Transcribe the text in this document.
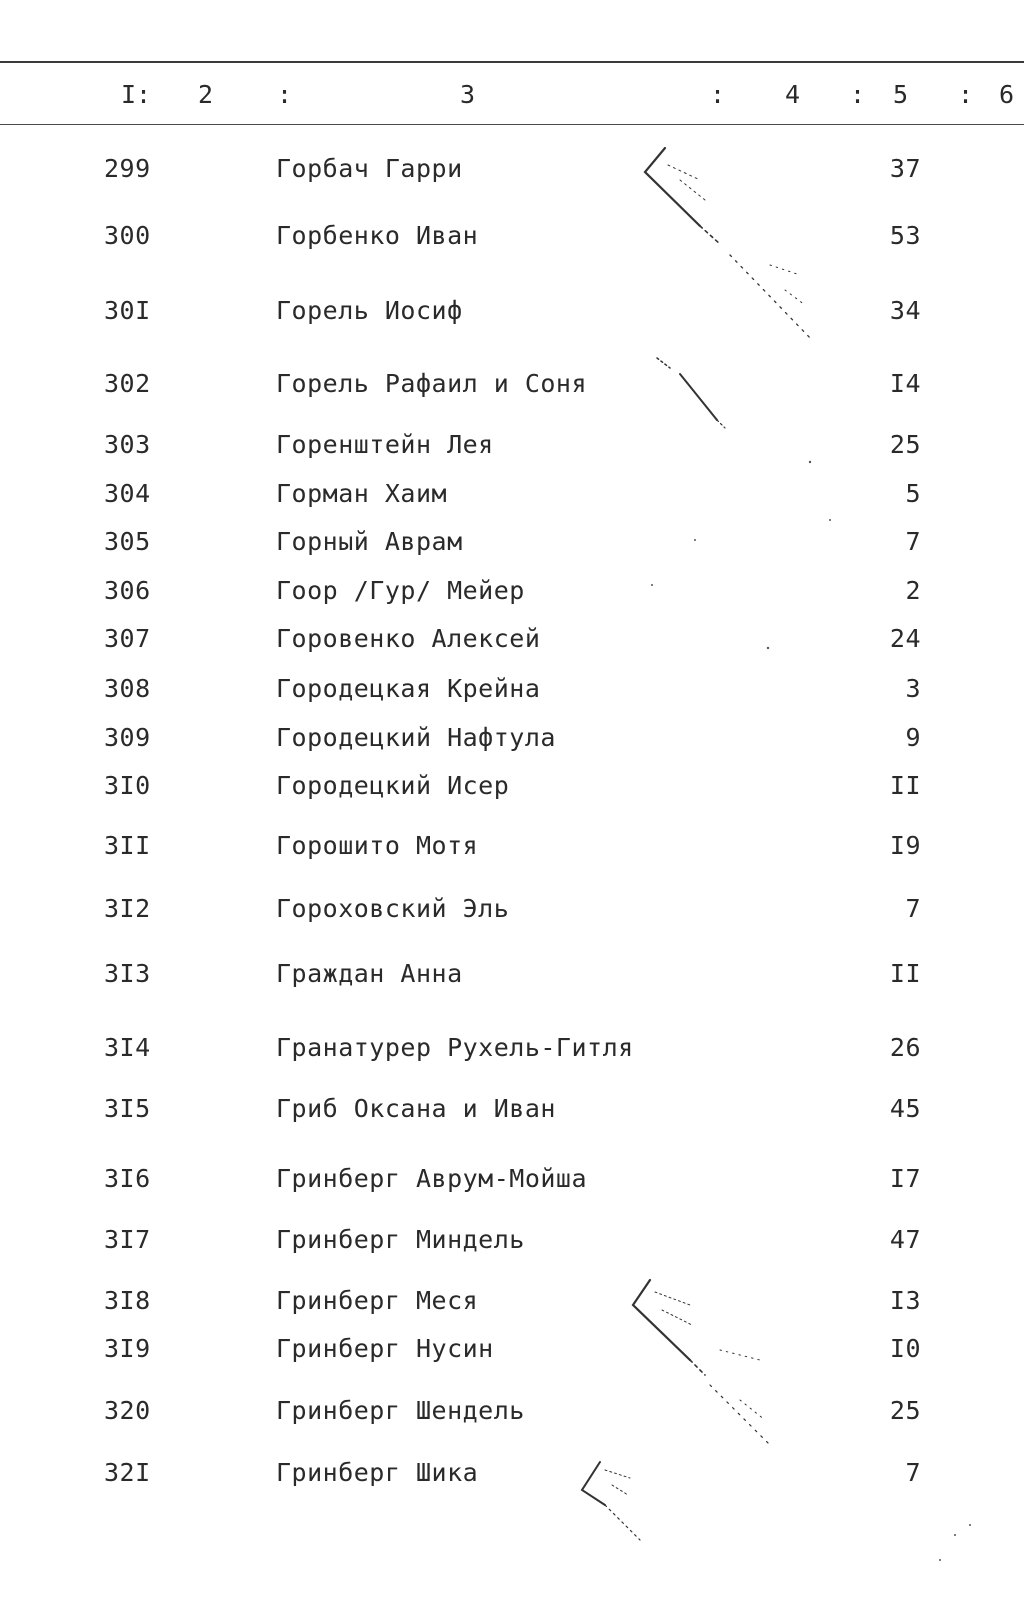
I: 2	:	3	: 4 : 5 : 6
299	Горбач Гарри	37
300	Горбенко Иван	53
30I	Горель Иосиф	34
302	Горель Рафаил и Соня	I4
303	Горенштейн Лея	25
304	Горман Хаим	5
305	Горный Аврам	7
306	Гоор /Гур/ Мейер	2
307	Горовенко Алексей	24
308	Городецкая Крейна	3
309	Городецкий Нафтула	9
3I0	Городецкий Исер	II
3II	Горошито Мотя	I9
3I2	Гороховский Эль	7
3I3	Граждан Анна	II
3I4	Гранатурер Рухель-Гитля	26
3I5	Гриб Оксана и Иван	45
3I6	Гринберг Аврум-Мойша	I7
3I7	Гринберг Миндель	47
3I8	Гринберг Меся	I3
3I9	Гринберг Нусин	I0
320	Гринберг Шендель	25
32I	Гринберг Шика	7
